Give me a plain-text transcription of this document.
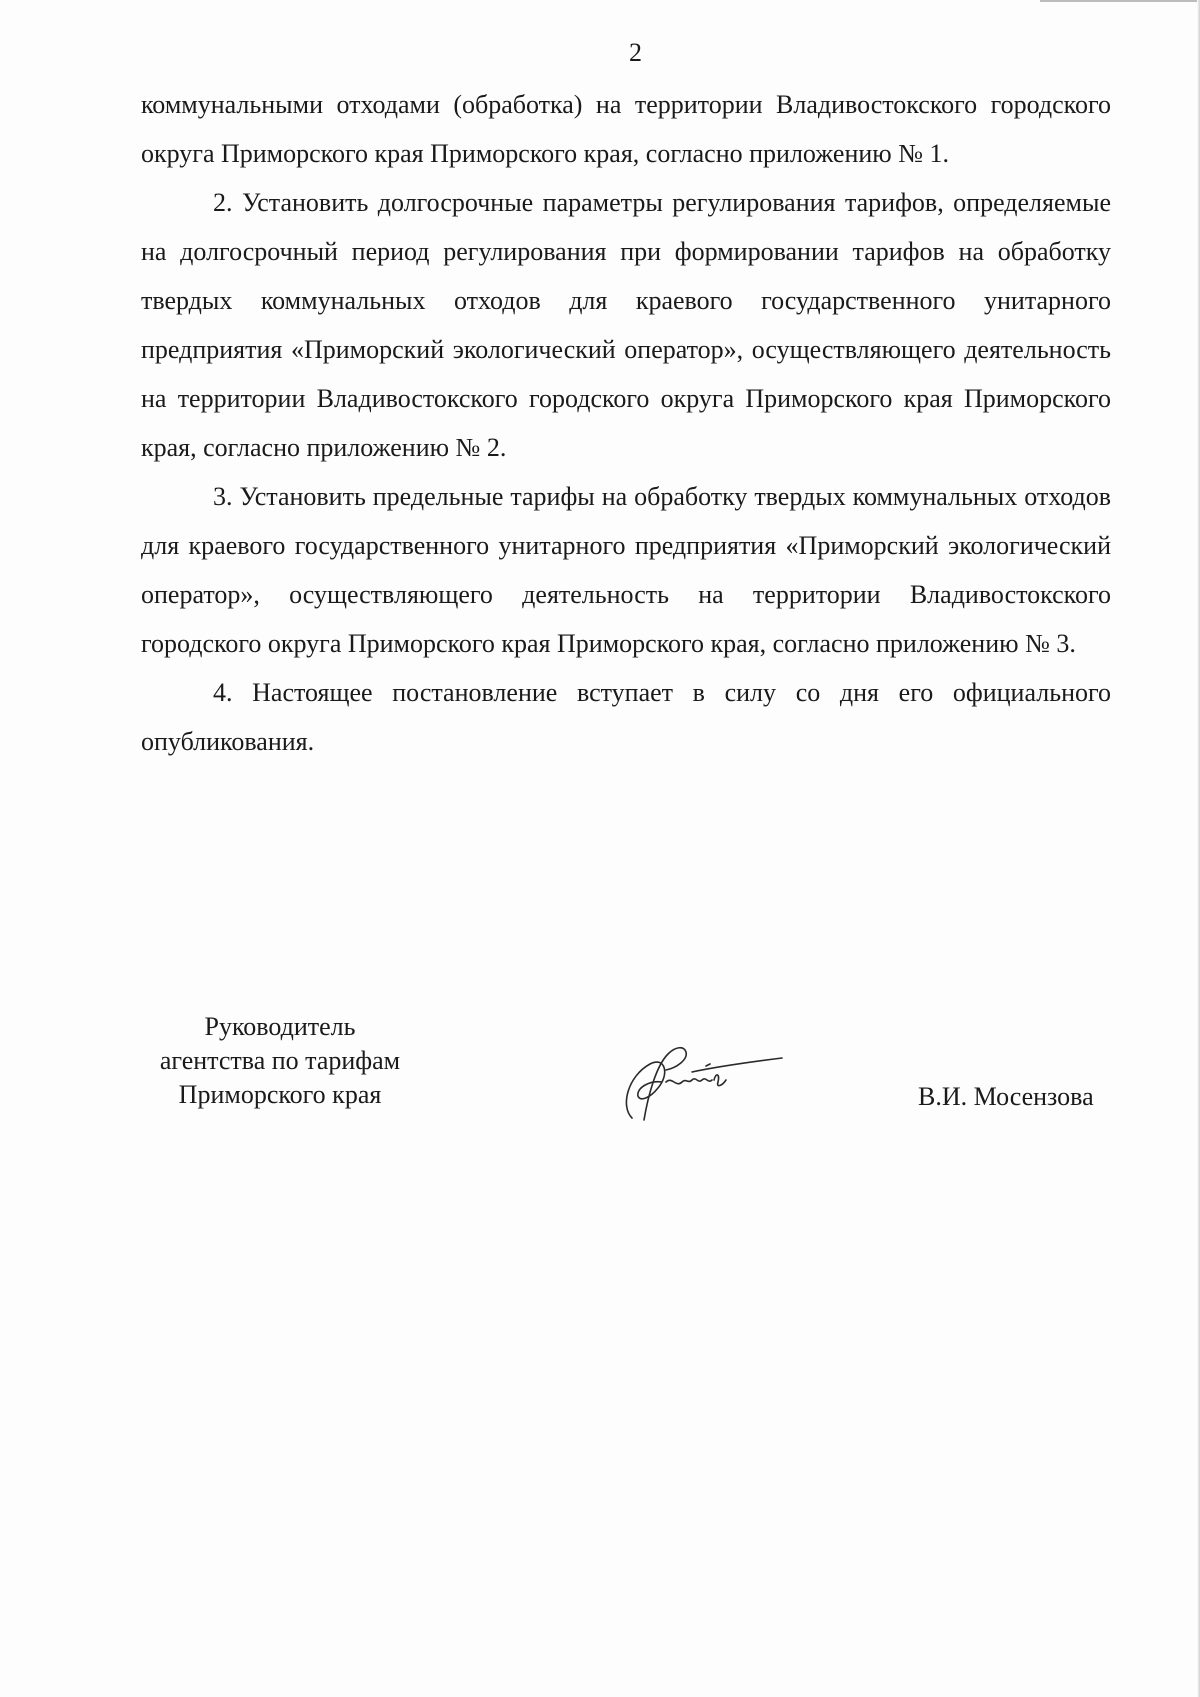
2

коммунальными отходами (обработка) на территории Владивостокского городского округа Приморского края Приморского края, согласно приложению № 1.

2. Установить долгосрочные параметры регулирования тарифов, определяемые на долгосрочный период регулирования при формировании тарифов на обработку твердых коммунальных отходов для краевого государственного унитарного предприятия «Приморский экологический оператор», осуществляющего деятельность на территории Владивостокского городского округа Приморского края Приморского края, согласно приложению № 2.

3. Установить предельные тарифы на обработку твердых коммунальных отходов для краевого государственного унитарного предприятия «Приморский экологический оператор», осуществляющего деятельность на территории Владивостокского городского округа Приморского края Приморского края, согласно приложению № 3.

4. Настоящее постановление вступает в силу со дня его официального опубликования.

Руководитель
агентства по тарифам
Приморского края	В.И. Мосензова
